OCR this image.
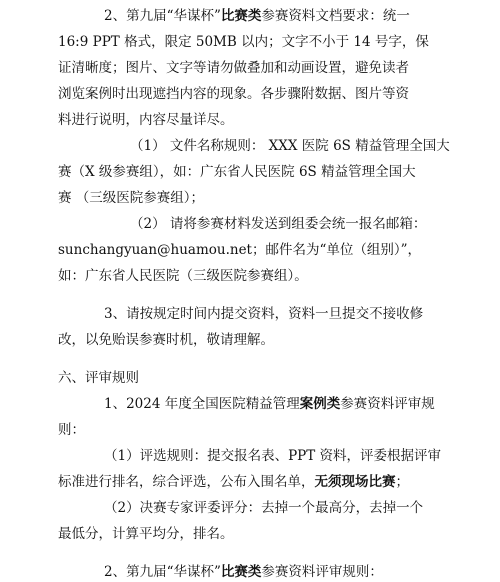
2、第九届“华谋杯”比赛类参赛资料文档要求：统一
16:9 PPT 格式，限定 50MB 以内；文字不小于 14 号字，保
证清晰度；图片、文字等请勿做叠加和动画设置，避免读者
浏览案例时出现遮挡内容的现象。各步骤附数据、图片等资
料进行说明，内容尽量详尽。
（1） 文件名称规则： XXX 医院 6S 精益管理全国大
赛（X 级参赛组），如：广东省人民医院 6S 精益管理全国大
赛 （三级医院参赛组）；
（2） 请将参赛材料发送到组委会统一报名邮箱：
sunchangyuan@huamou.net；邮件名为“单位（组别）”，
如：广东省人民医院（三级医院参赛组）。
3、请按规定时间内提交资料，资料一旦提交不接收修
改，以免贻误参赛时机，敬请理解。
六、评审规则
1、2024 年度全国医院精益管理案例类参赛资料评审规
则：
（1）评选规则：提交报名表、PPT 资料，评委根据评审
标准进行排名，综合评选，公布入围名单，无须现场比赛；
（2）决赛专家评委评分：去掉一个最高分，去掉一个
最低分，计算平均分，排名。
2、第九届“华谋杯”比赛类参赛资料评审规则：
